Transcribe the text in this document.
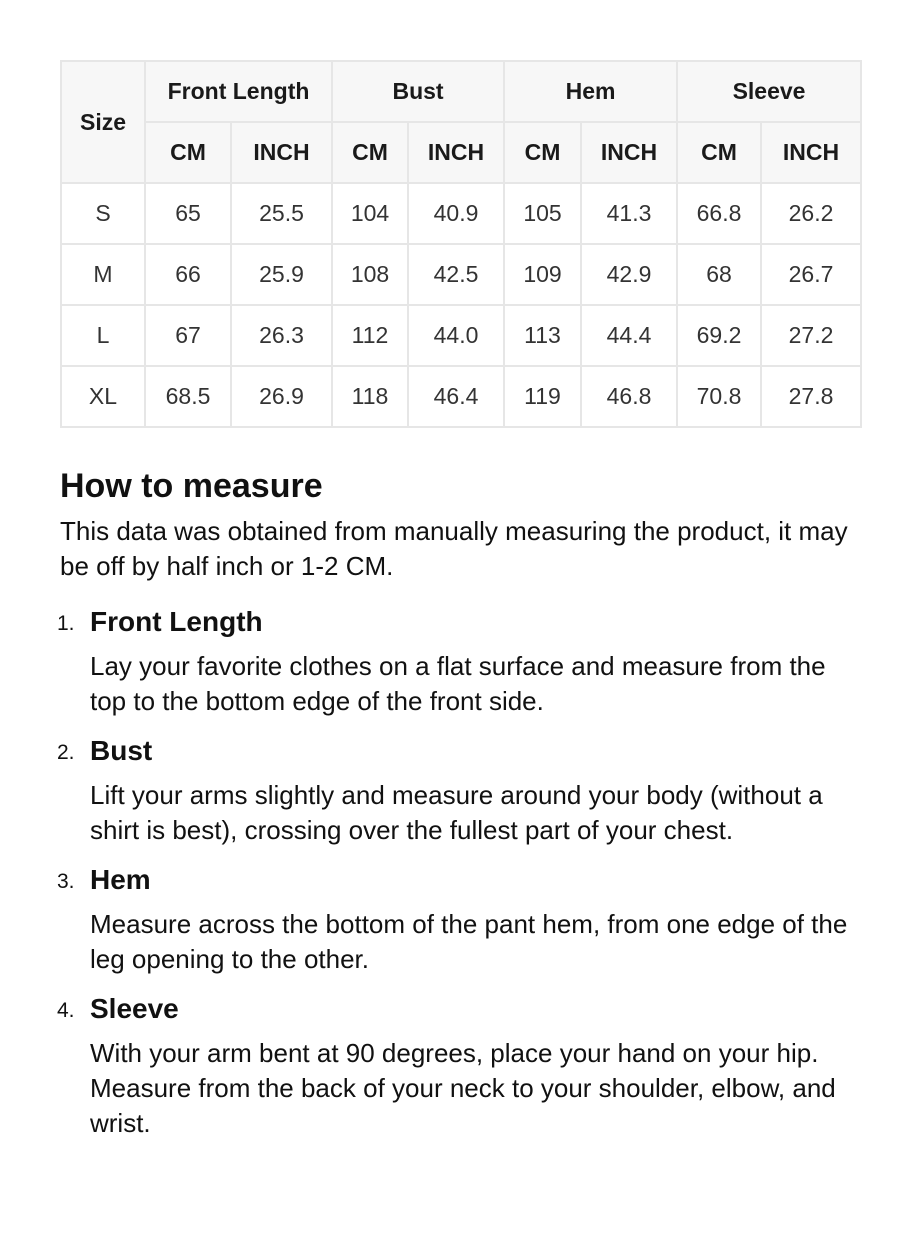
Size	Front Length		Bust		Hem		Sleeve	
	CM	INCH	CM	INCH	CM	INCH	CM	INCH
S	65	25.5	104	40.9	105	41.3	66.8	26.2
M	66	25.9	108	42.5	109	42.9	68	26.7
L	67	26.3	112	44.0	113	44.4	69.2	27.2
XL	68.5	26.9	118	46.4	119	46.8	70.8	27.8
How to measure

This data was obtained from manually measuring the product, it may be off by half inch or 1-2 CM.

1. Front Length
Lay your favorite clothes on a flat surface and measure from the top to the bottom edge of the front side.
2. Bust
Lift your arms slightly and measure around your body (without a shirt is best), crossing over the fullest part of your chest.
3. Hem
Measure across the bottom of the pant hem, from one edge of the leg opening to the other.
4. Sleeve
With your arm bent at 90 degrees, place your hand on your hip. Measure from the back of your neck to your shoulder, elbow, and wrist.
